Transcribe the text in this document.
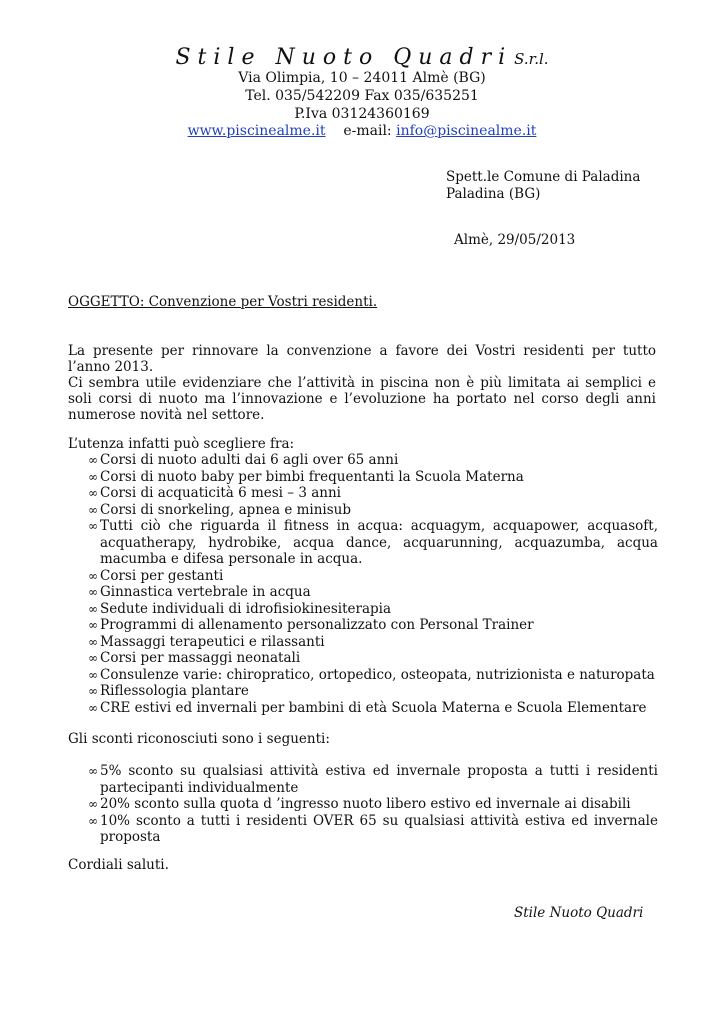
Stile Nuoto Quadri S.r.l.
Via Olimpia, 10 – 24011 Almè (BG)
Tel. 035/542209 Fax 035/635251
P.Iva 03124360169
www.piscinealme.it e-mail: info@piscinealme.it
Spett.le Comune di Paladina
Paladina (BG)
Almè, 29/05/2013
OGGETTO: Convenzione per Vostri residenti.
La presente per rinnovare la convenzione a favore dei Vostri residenti per tutto l’anno 2013.
Ci sembra utile evidenziare che l’attività in piscina non è più limitata ai semplici e soli corsi di nuoto ma l’innovazione e l’evoluzione ha portato nel corso degli anni numerose novità nel settore.
L’utenza infatti può scegliere fra:
∞ Corsi di nuoto adulti dai 6 agli over 65 anni
∞ Corsi di nuoto baby per bimbi frequentanti la Scuola Materna
∞ Corsi di acquaticità 6 mesi – 3 anni
∞ Corsi di snorkeling, apnea e minisub
∞ Tutti ciò che riguarda il fitness in acqua: acquagym, acquapower, acquasoft, acquatherapy, hydrobike, acqua dance, acquarunning, acquazumba, acqua macumba e difesa personale in acqua.
∞ Corsi per gestanti
∞ Ginnastica vertebrale in acqua
∞ Sedute individuali di idrofisiokinesiterapia
∞ Programmi di allenamento personalizzato con Personal Trainer
∞ Massaggi terapeutici e rilassanti
∞ Corsi per massaggi neonatali
∞ Consulenze varie: chiropratico, ortopedico, osteopata, nutrizionista e naturopata
∞ Riflessologia plantare
∞ CRE estivi ed invernali per bambini di età Scuola Materna e Scuola Elementare
Gli sconti riconosciuti sono i seguenti:
∞ 5% sconto su qualsiasi attività estiva ed invernale proposta a tutti i residenti partecipanti individualmente
∞ 20% sconto sulla quota d ’ingresso nuoto libero estivo ed invernale ai disabili
∞ 10% sconto a tutti i residenti OVER 65 su qualsiasi attività estiva ed invernale proposta
Cordiali saluti.
Stile Nuoto Quadri
